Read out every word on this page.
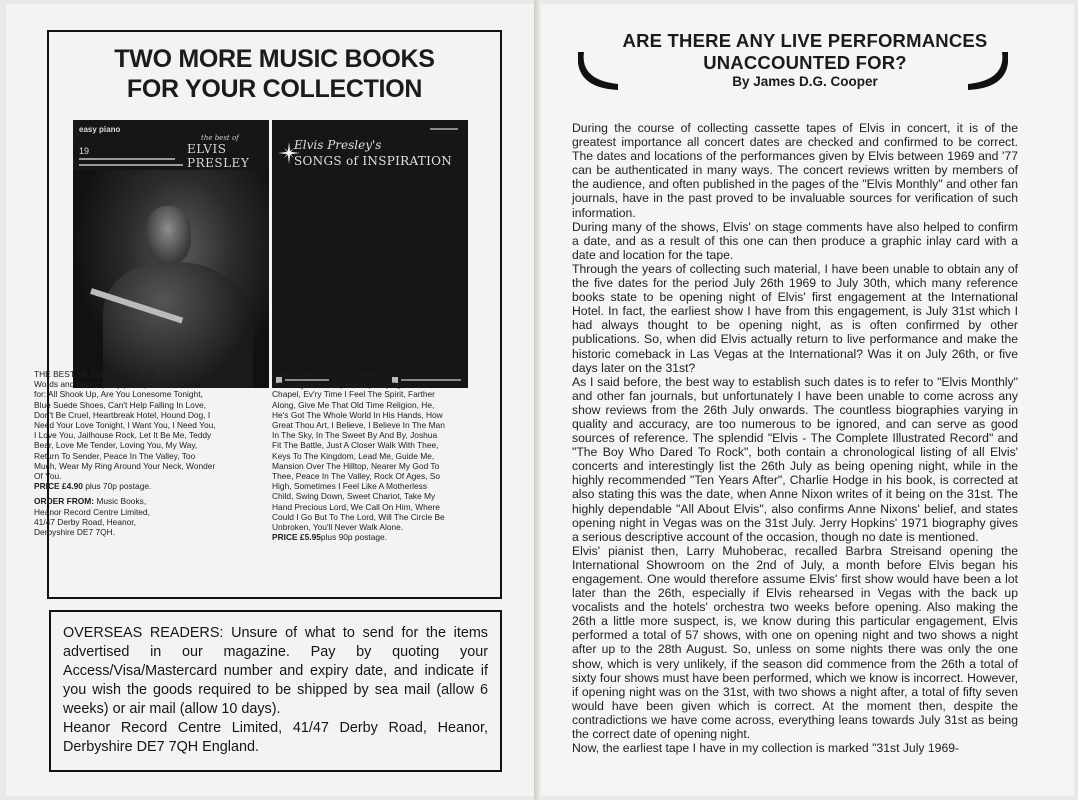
TWO MORE MUSIC BOOKS
FOR YOUR COLLECTION
easy piano
19
the best of
ELVIS PRESLEY
Elvis Presley's
SONGS of INSPIRATION

THE BEST OF ELVIS PRESLEY

Words and music (easy piano)

for: All Shook Up, Are You Lonesome Tonight, Blue Suede Shoes, Can't Help Falling In Love, Don't Be Cruel, Heartbreak Hotel, Hound Dog, I Need Your Love Tonight, I Want You, I Need You, I Love You, Jailhouse Rock, Let It Be Me, Teddy Bear, Love Me Tender, Loving You, My Way, Return To Sender, Peace In The Valley, Too Much, Wear My Ring Around Your Neck, Wonder Of You.

PRICE £4.90 plus 70p postage.

ORDER FROM: Music Books,

Heanor Record Centre Limited,

41/47 Derby Road, Heanor,

Derbyshire DE7 7QH.

Elvis' SONGS OF INSPIRATION

Amazing Grace, By And By, Crying In The Chapel, Ev'ry Time I Feel The Spirit, Farther Along, Give Me That Old Time Religion, He, He's Got The Whole World In His Hands, How Great Thou Art, I Believe, I Believe In The Man In The Sky, In The Sweet By And By, Joshua Fit The Battle, Just A Closer Walk With Thee, Keys To The Kingdom, Lead Me, Guide Me, Mansion Over The Hilltop, Nearer My God To Thee, Peace In The Valley, Rock Of Ages, So High, Sometimes I Feel Like A Motherless Child, Swing Down, Sweet Chariot, Take My Hand Precious Lord, We Call On Him, Where Could I Go But To The Lord, Will The Circle Be Unbroken, You'll Never Walk Alone.

PRICE £5.95plus 90p postage.

OVERSEAS READERS: Unsure of what to send for the items advertised in our magazine. Pay by quoting your Access/Visa/Mastercard number and expiry date, and indicate if you wish the goods required to be shipped by sea mail (allow 6 weeks) or air mail (allow 10 days).

Heanor Record Centre Limited, 41/47 Derby Road, Heanor, Derbyshire DE7 7QH England.

ARE THERE ANY LIVE PERFORMANCES
UNACCOUNTED FOR?
By James D.G. Cooper

During the course of collecting cassette tapes of Elvis in concert, it is of the greatest importance all concert dates are checked and confirmed to be correct. The dates and locations of the performances given by Elvis between 1969 and '77 can be authenticated in many ways. The concert reviews written by members of the audience, and often published in the pages of the "Elvis Monthly" and other fan journals, have in the past proved to be invaluable sources for verification of such information.

During many of the shows, Elvis' on stage comments have also helped to confirm a date, and as a result of this one can then produce a graphic inlay card with a date and location for the tape.

Through the years of collecting such material, I have been unable to obtain any of the five dates for the period July 26th 1969 to July 30th, which many reference books state to be opening night of Elvis' first engagement at the International Hotel. In fact, the earliest show I have from this engagement, is July 31st which I had always thought to be opening night, as is often confirmed by other publications. So, when did Elvis actually return to live performance and make the historic comeback in Las Vegas at the International? Was it on July 26th, or five days later on the 31st?

As I said before, the best way to establish such dates is to refer to "Elvis Monthly" and other fan journals, but unfortunately I have been unable to come across any show reviews from the 26th July onwards. The countless biographies varying in quality and accuracy, are too numerous to be ignored, and can serve as good sources of reference. The splendid "Elvis - The Complete Illustrated Record" and "The Boy Who Dared To Rock", both contain a chronological listing of all Elvis' concerts and interestingly list the 26th July as being opening night, while in the highly recommended "Ten Years After", Charlie Hodge in his book, is corrected at also stating this was the date, when Anne Nixon writes of it being on the 31st. The highly dependable "All About Elvis", also confirms Anne Nixons' belief, and states opening night in Vegas was on the 31st July. Jerry Hopkins' 1971 biography gives a serious descriptive account of the occasion, though no date is mentioned.

Elvis' pianist then, Larry Muhoberac, recalled Barbra Streisand opening the International Showroom on the 2nd of July, a month before Elvis began his engagement. One would therefore assume Elvis' first show would have been a lot later than the 26th, especially if Elvis rehearsed in Vegas with the back up vocalists and the hotels' orchestra two weeks before opening. Also making the 26th a little more suspect, is, we know during this particular engagement, Elvis performed a total of 57 shows, with one on opening night and two shows a night after up to the 28th August. So, unless on some nights there was only the one show, which is very unlikely, if the season did commence from the 26th a total of sixty four shows must have been performed, which we know is incorrect. However, if opening night was on the 31st, with two shows a night after, a total of fifty seven would have been given which is correct. At the moment then, despite the contradictions we have come across, everything leans towards July 31st as being the correct date of opening night.

Now, the earliest tape I have in my collection is marked "31st July 1969-
